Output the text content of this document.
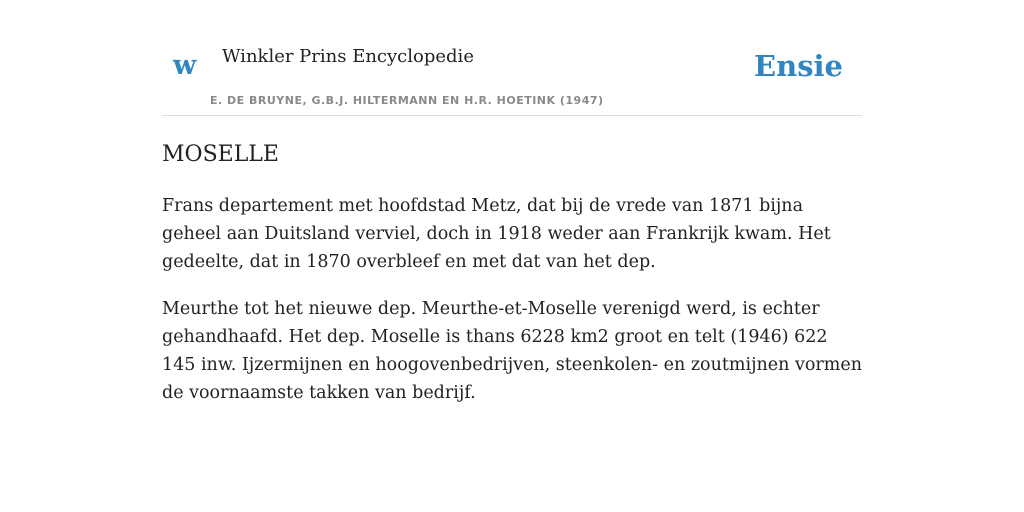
w Winkler Prins Encyclopedie
E. DE BRUYNE, G.B.J. HILTERMANN EN H.R. HOETINK (1947)
Ensie
MOSELLE

Frans departement met hoofdstad Metz, dat bij de vrede van 1871 bijna geheel aan Duitsland verviel, doch in 1918 weder aan Frankrijk kwam. Het gedeelte, dat in 1870 overbleef en met dat van het dep.

Meurthe tot het nieuwe dep. Meurthe-et-Moselle verenigd werd, is echter gehandhaafd. Het dep. Moselle is thans 6228 km2 groot en telt (1946) 622 145 inw. Ijzermijnen en hoogovenbedrijven, steenkolen- en zoutmijnen vormen de voornaamste takken van bedrijf.
